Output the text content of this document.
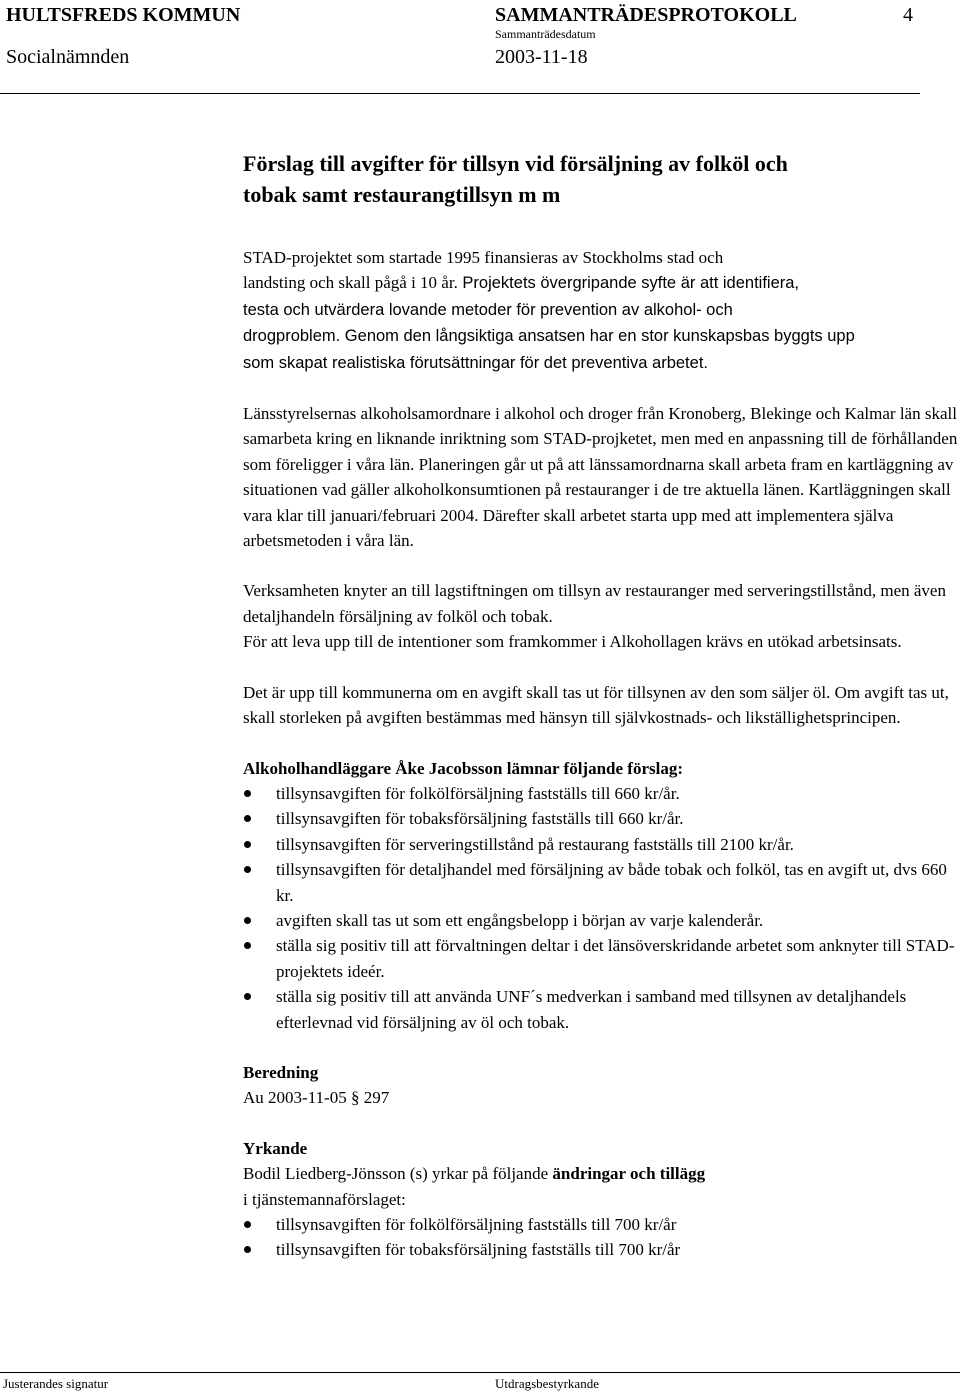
HULTSFREDS KOMMUN	SAMMANTRÄDESPROTOKOLL	4
Sammanträdesdatum
Socialnämnden	2003-11-18
Förslag till avgifter för tillsyn vid försäljning av folköl och
tobak samt restaurangtillsyn m m

STAD-projektet som startade 1995 finansieras av Stockholms stad och
landsting och skall pågå i 10 år. Projektets övergripande syfte är att identifiera,
testa och utvärdera lovande metoder för prevention av alkohol- och
drogproblem. Genom den långsiktiga ansatsen har en stor kunskapsbas byggts upp
som skapat realistiska förutsättningar för det preventiva arbetet.

Länsstyrelsernas alkoholsamordnare i alkohol och droger från Kronoberg, Blekinge och Kalmar län skall samarbeta kring en liknande inriktning som STAD-projketet, men med en anpassning till de förhållanden som föreligger i våra län. Planeringen går ut på att länssamordnarna skall arbeta fram en kartläggning av situationen vad gäller alkoholkonsumtionen på restauranger i de tre aktuella länen. Kartläggningen skall vara klar till januari/februari 2004. Därefter skall arbetet starta upp med att implementera själva arbetsmetoden i våra län.

Verksamheten knyter an till lagstiftningen om tillsyn av restauranger med serveringstillstånd, men även detaljhandeln försäljning av folköl och tobak.

För att leva upp till de intentioner som framkommer i Alkohollagen krävs en utökad arbetsinsats.

Det är upp till kommunerna om en avgift skall tas ut för tillsynen av den som säljer öl. Om avgift tas ut, skall storleken på avgiften bestämmas med hänsyn till självkostnads- och likställighetsprincipen.

Alkoholhandläggare Åke Jacobsson lämnar följande förslag:

tillsynsavgiften för folkölförsäljning fastställs till 660 kr/år.
tillsynsavgiften för tobaksförsäljning fastställs till 660 kr/år.
tillsynsavgiften för serveringstillstånd på restaurang fastställs till 2100 kr/år.
tillsynsavgiften för detaljhandel med försäljning av både tobak och folköl, tas en avgift ut, dvs 660 kr.
avgiften skall tas ut som ett engångsbelopp i början av varje kalenderår.
ställa sig positiv till att förvaltningen deltar i det länsöverskridande arbetet som anknyter till STAD-projektets ideér.
ställa sig positiv till att använda UNF´s medverkan i samband med tillsynen av detaljhandels efterlevnad vid försäljning av öl och tobak.

Beredning

Au 2003-11-05 § 297

Yrkande

Bodil Liedberg-Jönsson (s) yrkar på följande ändringar och tillägg
i tjänstemannaförslaget:

tillsynsavgiften för folkölförsäljning fastställs till 700 kr/år
tillsynsavgiften för tobaksförsäljning fastställs till 700 kr/år
Justerandes signatur	Utdragsbestyrkande
